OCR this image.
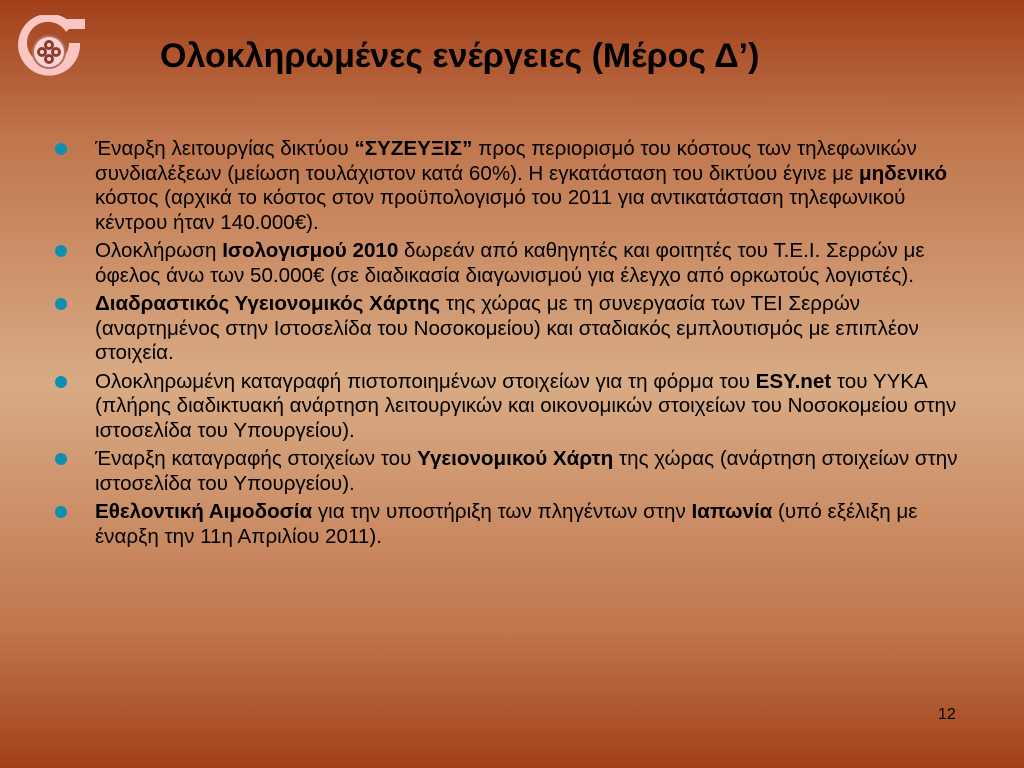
Ολοκληρωμένες ενέργειες (Μέρος Δ’)
Έναρξη λειτουργίας δικτύου “ΣΥΖΕΥΞΙΣ” προς περιορισμό του κόστους των τηλεφωνικών συνδιαλέξεων (μείωση τουλάχιστον κατά 60%). Η εγκατάσταση του δικτύου έγινε με μηδενικό κόστος (αρχικά το κόστος στον προϋπολογισμό του 2011 για αντικατάσταση τηλεφωνικού κέντρου ήταν 140.000€).
Ολοκλήρωση Ισολογισμού 2010 δωρεάν από καθηγητές και φοιτητές του Τ.Ε.Ι. Σερρών με όφελος άνω των 50.000€ (σε διαδικασία διαγωνισμού για έλεγχο από ορκωτούς λογιστές).
Διαδραστικός Υγειονομικός Χάρτης της χώρας με τη συνεργασία των ΤΕΙ Σερρών (αναρτημένος στην Ιστοσελίδα του Νοσοκομείου) και σταδιακός εμπλουτισμός με επιπλέον στοιχεία.
Ολοκληρωμένη καταγραφή πιστοποιημένων στοιχείων για τη φόρμα του ESY.net του ΥΥΚΑ (πλήρης διαδικτυακή ανάρτηση λειτουργικών και οικονομικών στοιχείων του Νοσοκομείου στην ιστοσελίδα του Υπουργείου).
Έναρξη καταγραφής στοιχείων του Υγειονομικού Χάρτη της χώρας (ανάρτηση στοιχείων στην ιστοσελίδα του Υπουργείου).
Εθελοντική Αιμοδοσία για την υποστήριξη των πληγέντων στην Ιαπωνία (υπό εξέλιξη με έναρξη την 11η Απριλίου 2011).
12
